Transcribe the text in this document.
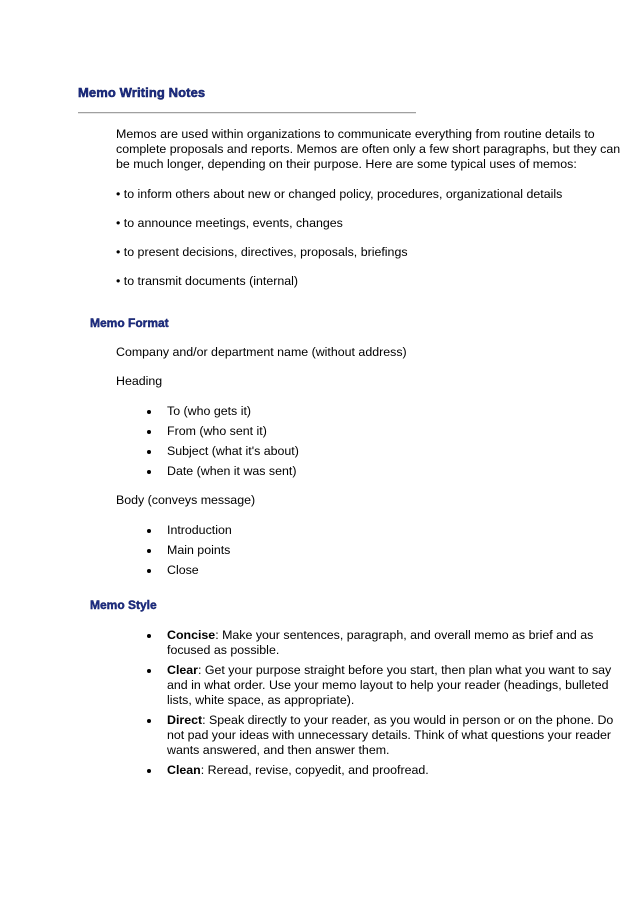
Memo Writing Notes

Memos are used within organizations to communicate everything from routine details to complete proposals and reports. Memos are often only a few short paragraphs, but they can be much longer, depending on their purpose. Here are some typical uses of memos:

• to inform others about new or changed policy, procedures, organizational details

• to announce meetings, events, changes

• to present decisions, directives, proposals, briefings

• to transmit documents (internal)

Memo Format

Company and/or department name (without address)

Heading

To (who gets it)
From (who sent it)
Subject (what it's about)
Date (when it was sent)

Body (conveys message)

Introduction
Main points
Close
Memo Style
Concise: Make your sentences, paragraph, and overall memo as brief and as focused as possible.
Clear: Get your purpose straight before you start, then plan what you want to say and in what order. Use your memo layout to help your reader (headings, bulleted lists, white space, as appropriate).
Direct: Speak directly to your reader, as you would in person or on the phone. Do not pad your ideas with unnecessary details. Think of what questions your reader wants answered, and then answer them.
Clean: Reread, revise, copyedit, and proofread.
